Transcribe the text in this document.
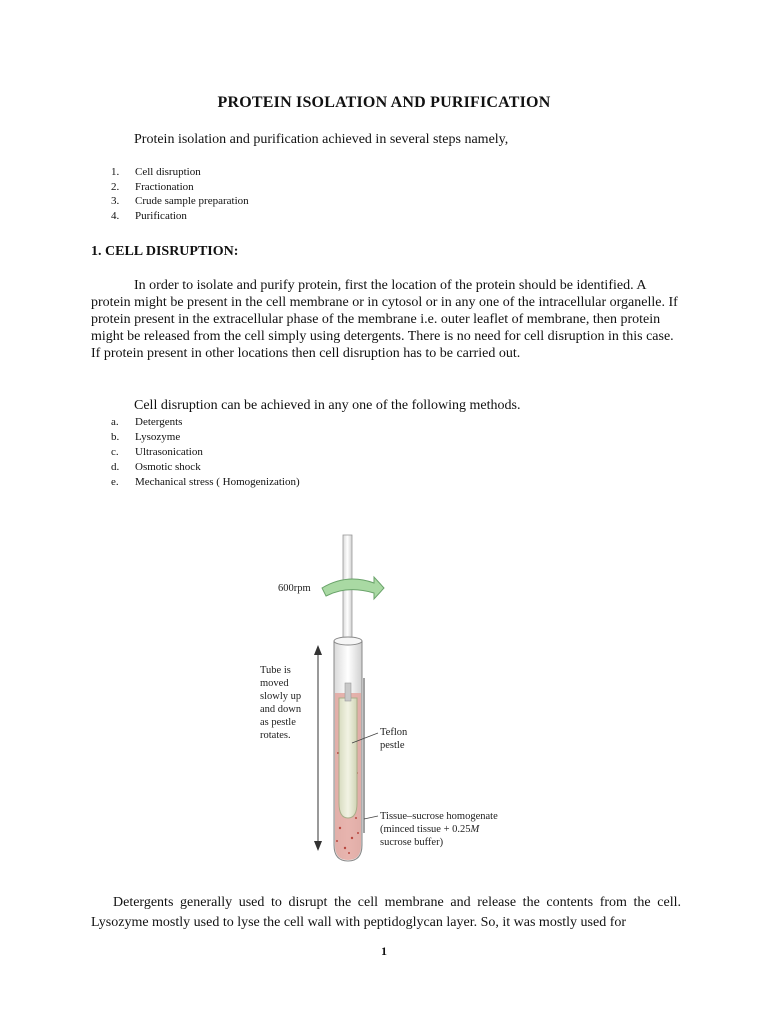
PROTEIN ISOLATION AND PURIFICATION
Protein isolation and purification achieved in several steps namely,
1.	Cell disruption
2.	Fractionation
3.	Crude sample preparation
4.	Purification
1. CELL DISRUPTION:
In order to isolate and purify protein, first the location of the protein should be identified. A protein might be present in the cell membrane or in cytosol or in any one of the intracellular organelle. If protein present in the extracellular phase of the membrane i.e. outer leaflet of membrane, then protein might be released from the cell simply using detergents. There is no need for cell disruption in this case. If protein present in other locations then cell disruption has to be carried out.
Cell disruption can be achieved in any one of the following methods.
a.	Detergents
b.	Lysozyme
c.	Ultrasonication
d.	Osmotic shock
e.	Mechanical stress ( Homogenization)
600rpm
Tube is
moved
slowly up
and down
as pestle
rotates.	Teflon
pestle
Tissue–sucrose homogenate
(minced tissue + 0.25M
sucrose buffer)
Detergents generally used to disrupt the cell membrane and release the contents from the cell. Lysozyme mostly used to lyse the cell wall with peptidoglycan layer. So, it was mostly used for
1
